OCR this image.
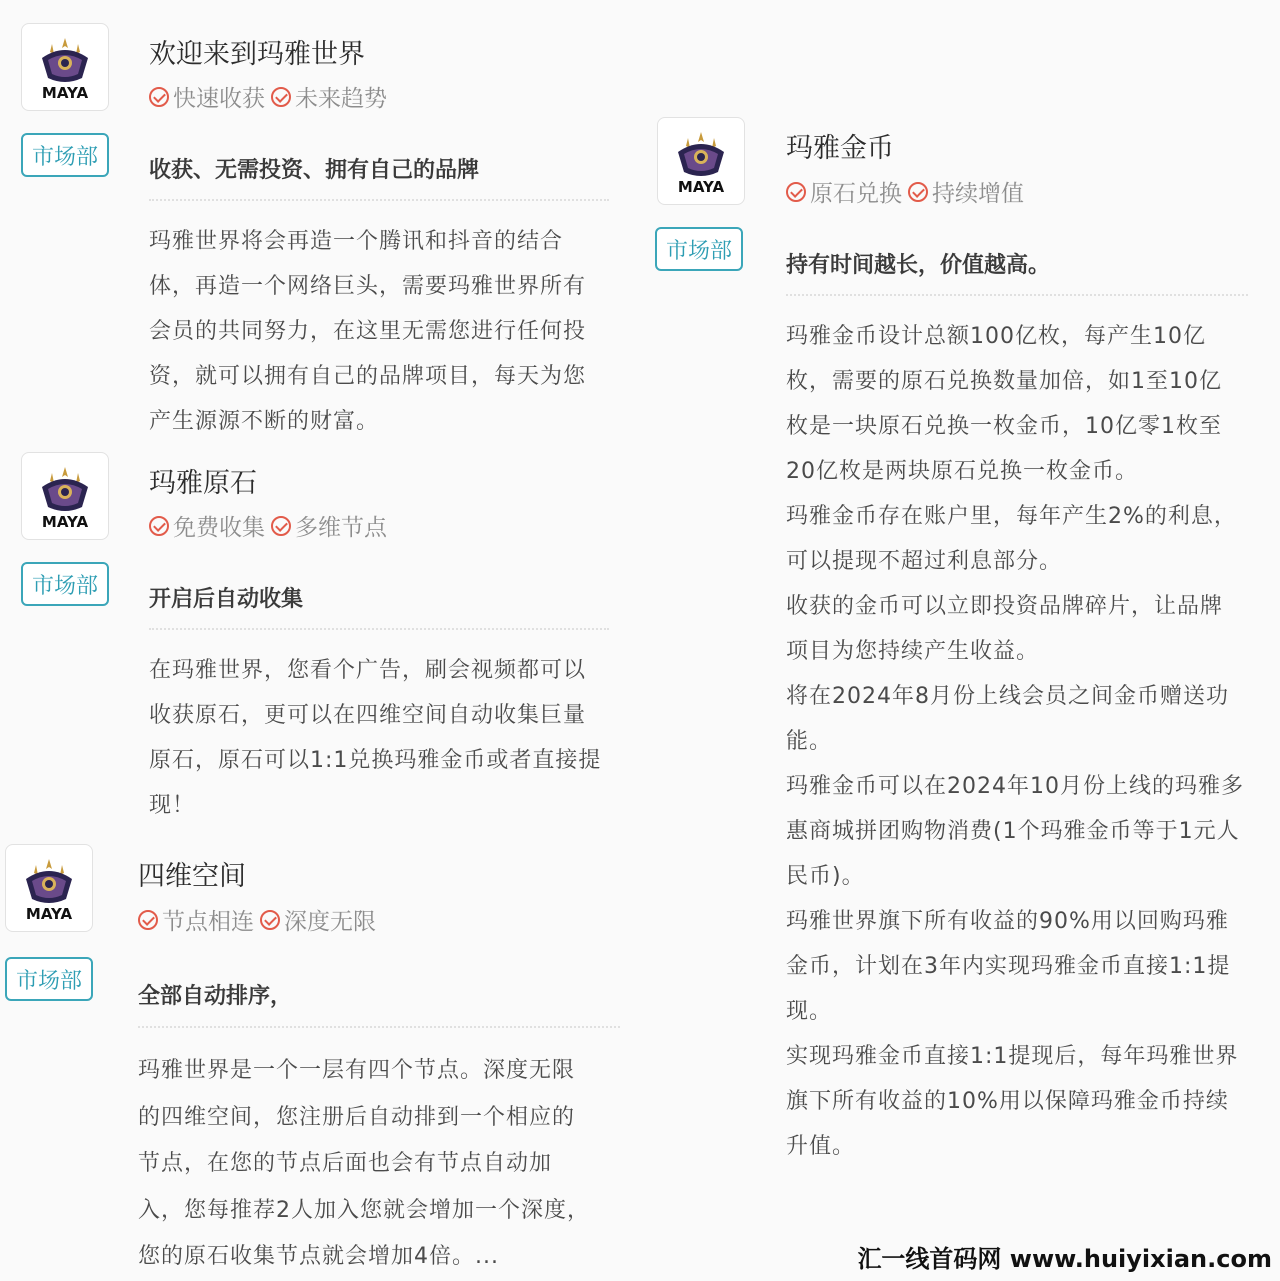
MAYA
市场部
欢迎来到玛雅世界
快速收获 未来趋势
收获、无需投资、拥有自己的品牌

玛雅世界将会再造一个腾讯和抖音的结合

体，再造一个网络巨头，需要玛雅世界所有

会员的共同努力，在这里无需您进行任何投

资，就可以拥有自己的品牌项目，每天为您

产生源源不断的财富。

MAYA
市场部
玛雅原石
免费收集 多维节点
开启后自动收集

在玛雅世界，您看个广告，刷会视频都可以

收获原石，更可以在四维空间自动收集巨量

原石，原石可以1:1兑换玛雅金币或者直接提

现！

MAYA
市场部
四维空间
节点相连 深度无限
全部自动排序，

玛雅世界是一个一层有四个节点。深度无限

的四维空间，您注册后自动排到一个相应的

节点，在您的节点后面也会有节点自动加

入，您每推荐2人加入您就会增加一个深度，

您的原石收集节点就会增加4倍。...

MAYA
市场部
玛雅金币
原石兑换 持续增值
持有时间越长，价值越高。

玛雅金币设计总额100亿枚，每产生10亿

枚，需要的原石兑换数量加倍，如1至10亿

枚是一块原石兑换一枚金币，10亿零1枚至

20亿枚是两块原石兑换一枚金币。

玛雅金币存在账户里，每年产生2%的利息，

可以提现不超过利息部分。

收获的金币可以立即投资品牌碎片，让品牌

项目为您持续产生收益。

将在2024年8月份上线会员之间金币赠送功

能。

玛雅金币可以在2024年10月份上线的玛雅多

惠商城拼团购物消费(1个玛雅金币等于1元人

民币)。

玛雅世界旗下所有收益的90%用以回购玛雅

金币，计划在3年内实现玛雅金币直接1:1提

现。

实现玛雅金币直接1:1提现后，每年玛雅世界

旗下所有收益的10%用以保障玛雅金币持续

升值。

汇一线首码网 www.huiyixian.com
